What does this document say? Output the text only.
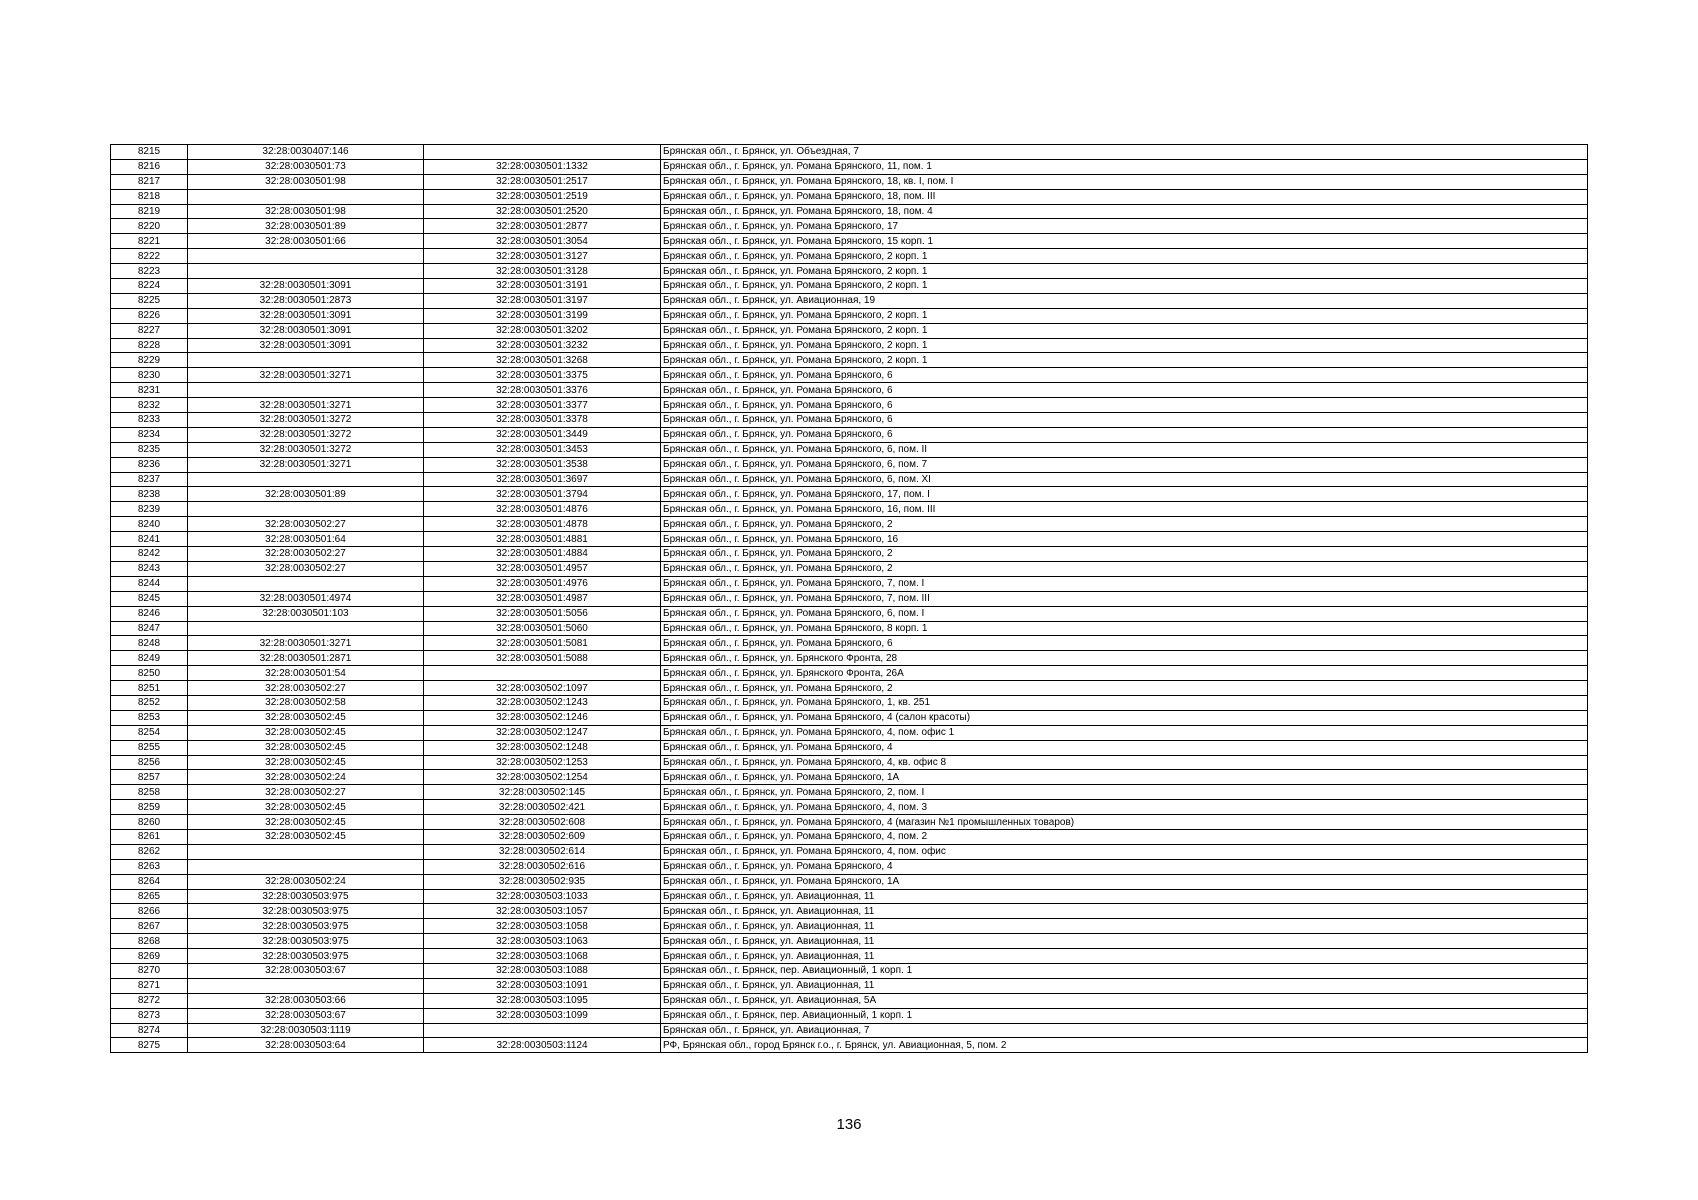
8215	32:28:0030407:146		Брянская обл., г. Брянск, ул. Объездная, 7
8216	32:28:0030501:73	32:28:0030501:1332	Брянская обл., г. Брянск, ул. Романа Брянского, 11, пом. 1
8217	32:28:0030501:98	32:28:0030501:2517	Брянская обл., г. Брянск, ул. Романа Брянского, 18, кв. I, пом. I
8218		32:28:0030501:2519	Брянская обл., г. Брянск, ул. Романа Брянского, 18, пом. III
8219	32:28:0030501:98	32:28:0030501:2520	Брянская обл., г. Брянск, ул. Романа Брянского, 18, пом. 4
8220	32:28:0030501:89	32:28:0030501:2877	Брянская обл., г. Брянск, ул. Романа Брянского, 17
8221	32:28:0030501:66	32:28:0030501:3054	Брянская обл., г. Брянск, ул. Романа Брянского, 15 корп. 1
8222		32:28:0030501:3127	Брянская обл., г. Брянск, ул. Романа Брянского, 2 корп. 1
8223		32:28:0030501:3128	Брянская обл., г. Брянск, ул. Романа Брянского, 2 корп. 1
8224	32:28:0030501:3091	32:28:0030501:3191	Брянская обл., г. Брянск, ул. Романа Брянского, 2 корп. 1
8225	32:28:0030501:2873	32:28:0030501:3197	Брянская обл., г. Брянск, ул. Авиационная, 19
8226	32:28:0030501:3091	32:28:0030501:3199	Брянская обл., г. Брянск, ул. Романа Брянского, 2 корп. 1
8227	32:28:0030501:3091	32:28:0030501:3202	Брянская обл., г. Брянск, ул. Романа Брянского, 2 корп. 1
8228	32:28:0030501:3091	32:28:0030501:3232	Брянская обл., г. Брянск, ул. Романа Брянского, 2 корп. 1
8229		32:28:0030501:3268	Брянская обл., г. Брянск, ул. Романа Брянского, 2 корп. 1
8230	32:28:0030501:3271	32:28:0030501:3375	Брянская обл., г. Брянск, ул. Романа Брянского, 6
8231		32:28:0030501:3376	Брянская обл., г. Брянск, ул. Романа Брянского, 6
8232	32:28:0030501:3271	32:28:0030501:3377	Брянская обл., г. Брянск, ул. Романа Брянского, 6
8233	32:28:0030501:3272	32:28:0030501:3378	Брянская обл., г. Брянск, ул. Романа Брянского, 6
8234	32:28:0030501:3272	32:28:0030501:3449	Брянская обл., г. Брянск, ул. Романа Брянского, 6
8235	32:28:0030501:3272	32:28:0030501:3453	Брянская обл., г. Брянск, ул. Романа Брянского, 6, пом. II
8236	32:28:0030501:3271	32:28:0030501:3538	Брянская обл., г. Брянск, ул. Романа Брянского, 6, пом. 7
8237		32:28:0030501:3697	Брянская обл., г. Брянск, ул. Романа Брянского, 6, пом. XI
8238	32:28:0030501:89	32:28:0030501:3794	Брянская обл., г. Брянск, ул. Романа Брянского, 17, пом. I
8239		32:28:0030501:4876	Брянская обл., г. Брянск, ул. Романа Брянского, 16, пом. III
8240	32:28:0030502:27	32:28:0030501:4878	Брянская обл., г. Брянск, ул. Романа Брянского, 2
8241	32:28:0030501:64	32:28:0030501:4881	Брянская обл., г. Брянск, ул. Романа Брянского, 16
8242	32:28:0030502:27	32:28:0030501:4884	Брянская обл., г. Брянск, ул. Романа Брянского, 2
8243	32:28:0030502:27	32:28:0030501:4957	Брянская обл., г. Брянск, ул. Романа Брянского, 2
8244		32:28:0030501:4976	Брянская обл., г. Брянск, ул. Романа Брянского, 7, пом. I
8245	32:28:0030501:4974	32:28:0030501:4987	Брянская обл., г. Брянск, ул. Романа Брянского, 7, пом. III
8246	32:28:0030501:103	32:28:0030501:5056	Брянская обл., г. Брянск, ул. Романа Брянского, 6, пом. I
8247		32:28:0030501:5060	Брянская обл., г. Брянск, ул. Романа Брянского, 8 корп. 1
8248	32:28:0030501:3271	32:28:0030501:5081	Брянская обл., г. Брянск, ул. Романа Брянского, 6
8249	32:28:0030501:2871	32:28:0030501:5088	Брянская обл., г. Брянск, ул. Брянского Фронта, 28
8250	32:28:0030501:54		Брянская обл., г. Брянск, ул. Брянского Фронта, 26А
8251	32:28:0030502:27	32:28:0030502:1097	Брянская обл., г. Брянск, ул. Романа Брянского, 2
8252	32:28:0030502:58	32:28:0030502:1243	Брянская обл., г. Брянск, ул. Романа Брянского, 1, кв. 251
8253	32:28:0030502:45	32:28:0030502:1246	Брянская обл., г. Брянск, ул. Романа Брянского, 4 (салон красоты)
8254	32:28:0030502:45	32:28:0030502:1247	Брянская обл., г. Брянск, ул. Романа Брянского, 4, пом. офис 1
8255	32:28:0030502:45	32:28:0030502:1248	Брянская обл., г. Брянск, ул. Романа Брянского, 4
8256	32:28:0030502:45	32:28:0030502:1253	Брянская обл., г. Брянск, ул. Романа Брянского, 4, кв. офис 8
8257	32:28:0030502:24	32:28:0030502:1254	Брянская обл., г. Брянск, ул. Романа Брянского, 1А
8258	32:28:0030502:27	32:28:0030502:145	Брянская обл., г. Брянск, ул. Романа Брянского, 2, пом. I
8259	32:28:0030502:45	32:28:0030502:421	Брянская обл., г. Брянск, ул. Романа Брянского, 4, пом. 3
8260	32:28:0030502:45	32:28:0030502:608	Брянская обл., г. Брянск, ул. Романа Брянского, 4 (магазин №1 промышленных товаров)
8261	32:28:0030502:45	32:28:0030502:609	Брянская обл., г. Брянск, ул. Романа Брянского, 4, пом. 2
8262		32:28:0030502:614	Брянская обл., г. Брянск, ул. Романа Брянского, 4, пом. офис
8263		32:28:0030502:616	Брянская обл., г. Брянск, ул. Романа Брянского, 4
8264	32:28:0030502:24	32:28:0030502:935	Брянская обл., г. Брянск, ул. Романа Брянского, 1А
8265	32:28:0030503:975	32:28:0030503:1033	Брянская обл., г. Брянск, ул. Авиационная, 11
8266	32:28:0030503:975	32:28:0030503:1057	Брянская обл., г. Брянск, ул. Авиационная, 11
8267	32:28:0030503:975	32:28:0030503:1058	Брянская обл., г. Брянск, ул. Авиационная, 11
8268	32:28:0030503:975	32:28:0030503:1063	Брянская обл., г. Брянск, ул. Авиационная, 11
8269	32:28:0030503:975	32:28:0030503:1068	Брянская обл., г. Брянск, ул. Авиационная, 11
8270	32:28:0030503:67	32:28:0030503:1088	Брянская обл., г. Брянск, пер. Авиационный, 1 корп. 1
8271		32:28:0030503:1091	Брянская обл., г. Брянск, ул. Авиационная, 11
8272	32:28:0030503:66	32:28:0030503:1095	Брянская обл., г. Брянск, ул. Авиационная, 5А
8273	32:28:0030503:67	32:28:0030503:1099	Брянская обл., г. Брянск, пер. Авиационный, 1 корп. 1
8274	32:28:0030503:1119		Брянская обл., г. Брянск, ул. Авиационная, 7
8275	32:28:0030503:64	32:28:0030503:1124	РФ, Брянская обл., город Брянск г.о., г. Брянск, ул. Авиационная, 5, пом. 2
136
